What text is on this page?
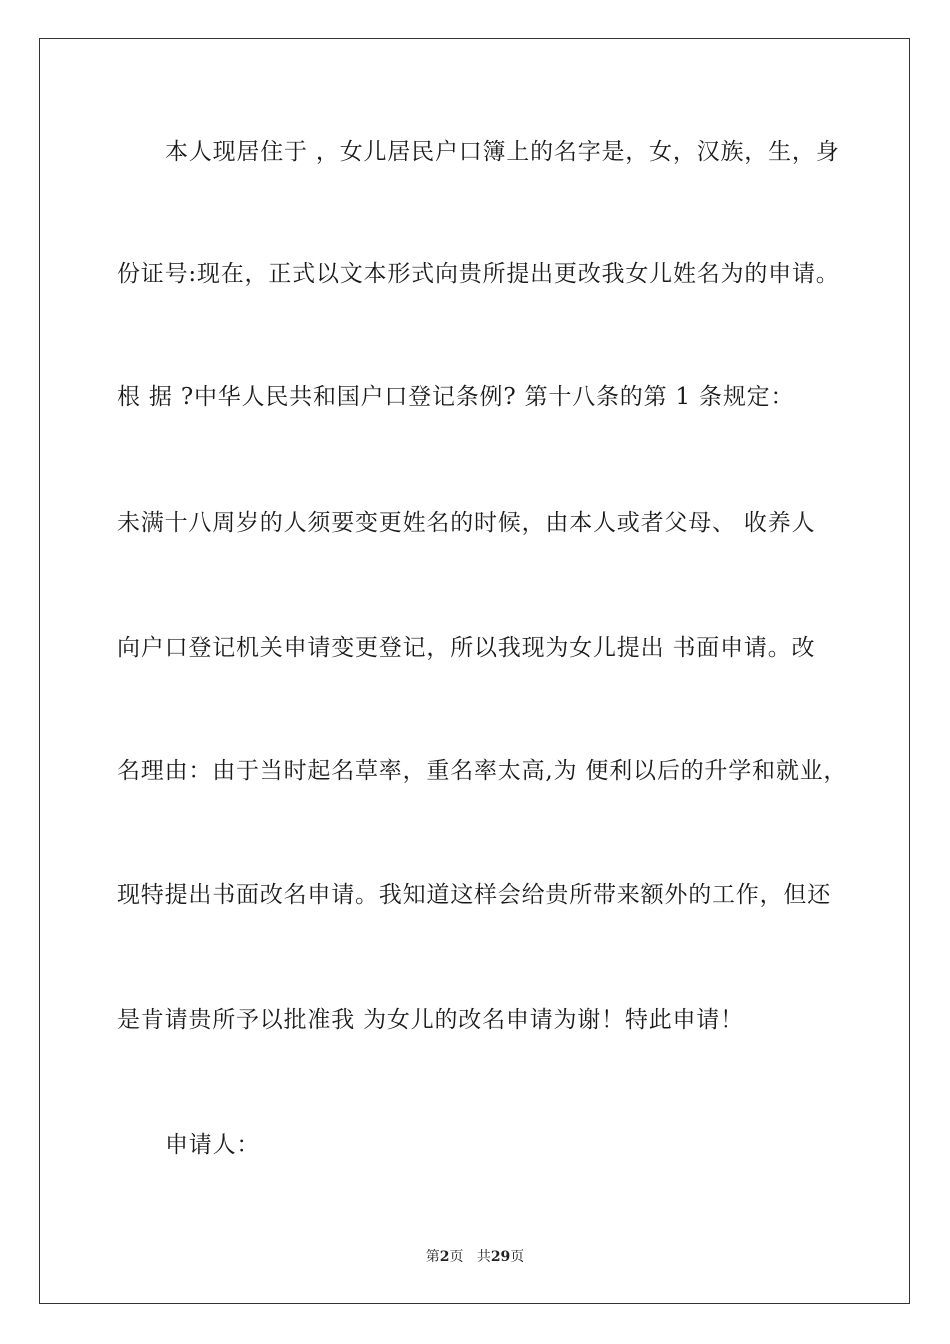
本人现居住于 ，女儿居民户口簿上的名字是，女，汉族，生，身
份证号:现在，正式以文本形式向贵所提出更改我女儿姓名为的申请。
根 据 ?中华人民共和国户口登记条例? 第十八条的第 1 条规定：
未满十八周岁的人须要变更姓名的时候，由本人或者父母、 收养人
向户口登记机关申请变更登记，所以我现为女儿提出 书面申请。改
名理由：由于当时起名草率，重名率太高,为 便利以后的升学和就业，
现特提出书面改名申请。我知道这样会给贵所带来额外的工作，但还
是肯请贵所予以批准我 为女儿的改名申请为谢！特此申请！
申请人：
第2页 共29页
